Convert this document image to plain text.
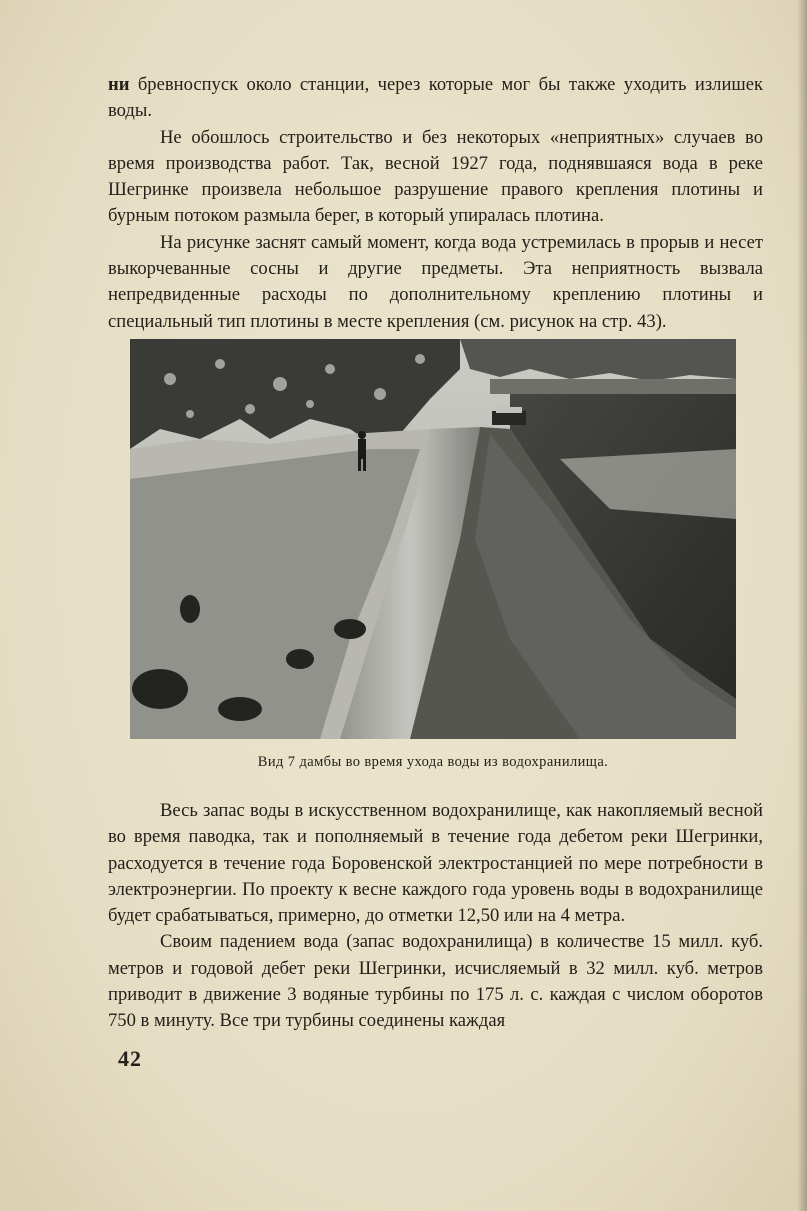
ни бревноспуск около станции, через которые мог бы также уходить излишек воды.

Не обошлось строительство и без некоторых «неприятных» случаев во время производства работ. Так, весной 1927 года, поднявшаяся вода в реке Шегринке произвела небольшое разрушение правого крепления плотины и бурным потоком размыла берег, в который упиралась плотина.

На рисунке заснят самый момент, когда вода устремилась в прорыв и несет выкорчеванные сосны и другие предметы. Эта неприятность вызвала непредвиденные расходы по дополнительному креплению плотины и специальный тип плотины в месте крепления (см. рисунок на стр. 43).

Вид 7 дамбы во время ухода воды из водохранилища.

Весь запас воды в искусственном водохранилище, как накопляемый весной во время паводка, так и пополняемый в течение года дебетом реки Шегринки, расходуется в течение года Боровенской электростанцией по мере потребности в электроэнергии. По проекту к весне каждого года уровень воды в водохранилище будет срабатываться, примерно, до отметки 12,50 или на 4 метра.

Своим падением вода (запас водохранилища) в количестве 15 милл. куб. метров и годовой дебет реки Шегринки, исчисляемый в 32 милл. куб. метров приводит в движение 3 водяные турбины по 175 л. с. каждая с числом оборотов 750 в минуту. Все три турбины соединены каждая

42
